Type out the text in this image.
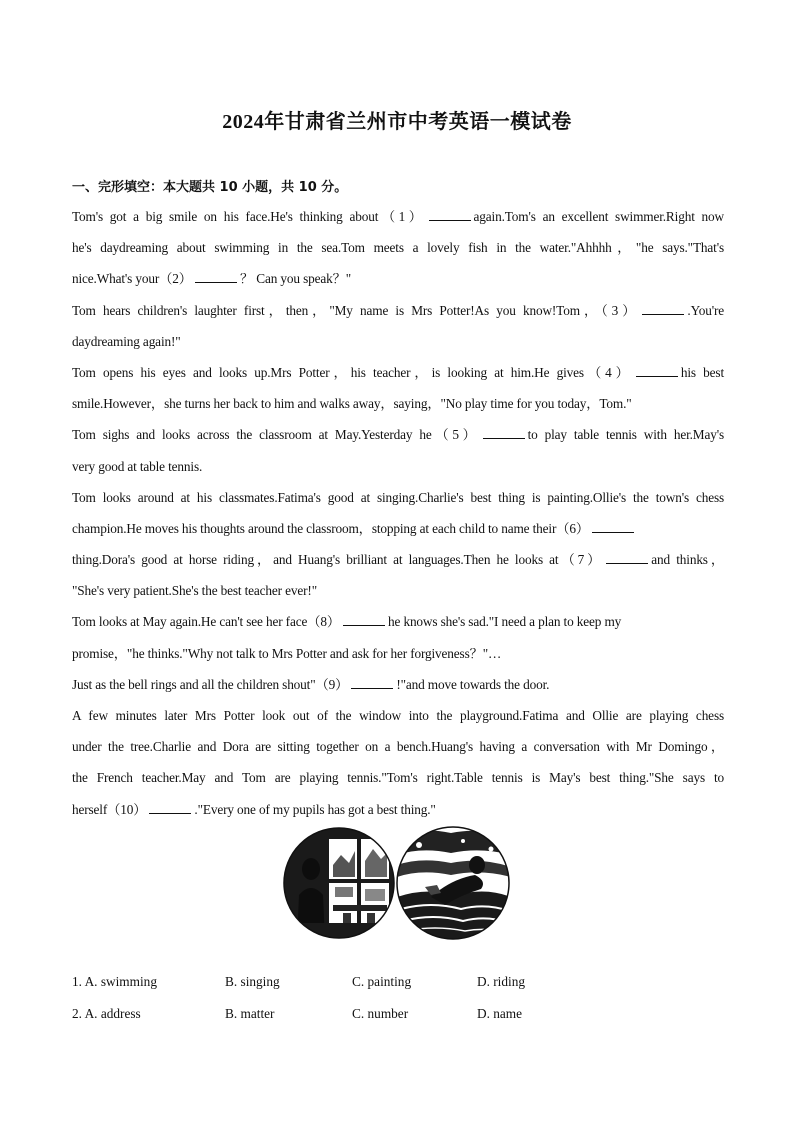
2024年甘肃省兰州市中考英语一模试卷
一、完形填空：本大题共 10 小题，共 10 分。
Tom's got a big smile on his face.He's thinking about（1）	again.Tom's an excellent swimmer.Right now
he's daydreaming about swimming in the sea.Tom meets a lovely fish in the water."Ahhhh，"he says."That's
nice.What's your（2）	？ Can you speak？"
Tom hears children's laughter first，then，"My name is Mrs Potter!As you know!Tom，（3）	.You're
daydreaming again!"
Tom opens his eyes and looks up.Mrs Potter，his teacher，is looking at him.He gives（4）	his best
smile.However，she turns her back to him and walks away，saying，"No play time for you today，Tom."
Tom sighs and looks across the classroom at May.Yesterday he（5）	to play table tennis with her.May's
very good at table tennis.
Tom looks around at his classmates.Fatima's good at singing.Charlie's best thing is painting.Ollie's the town's chess
champion.He moves his thoughts around the classroom，stopping at each child to name their（6）
thing.Dora's good at horse riding，and Huang's brilliant at languages.Then he looks at（7）	and thinks，
"She's very patient.She's the best teacher ever!"
Tom looks at May again.He can't see her face（8）	he knows she's sad."I need a plan to keep my
promise，"he thinks."Why not talk to Mrs Potter and ask for her forgiveness？"…
Just as the bell rings and all the children shout"（9）	!"and move towards the door.
A few minutes later Mrs Potter look out of the window into the playground.Fatima and Ollie are playing chess
under the tree.Charlie and Dora are sitting together on a bench.Huang's having a conversation with Mr Domingo，
the French teacher.May and Tom are playing tennis."Tom's right.Table tennis is May's best thing."She says to
herself（10）	."Every one of my pupils has got a best thing."
1. A. swimming	B. singing	C. painting	D. riding
2. A. address	B. matter	C. number	D. name
